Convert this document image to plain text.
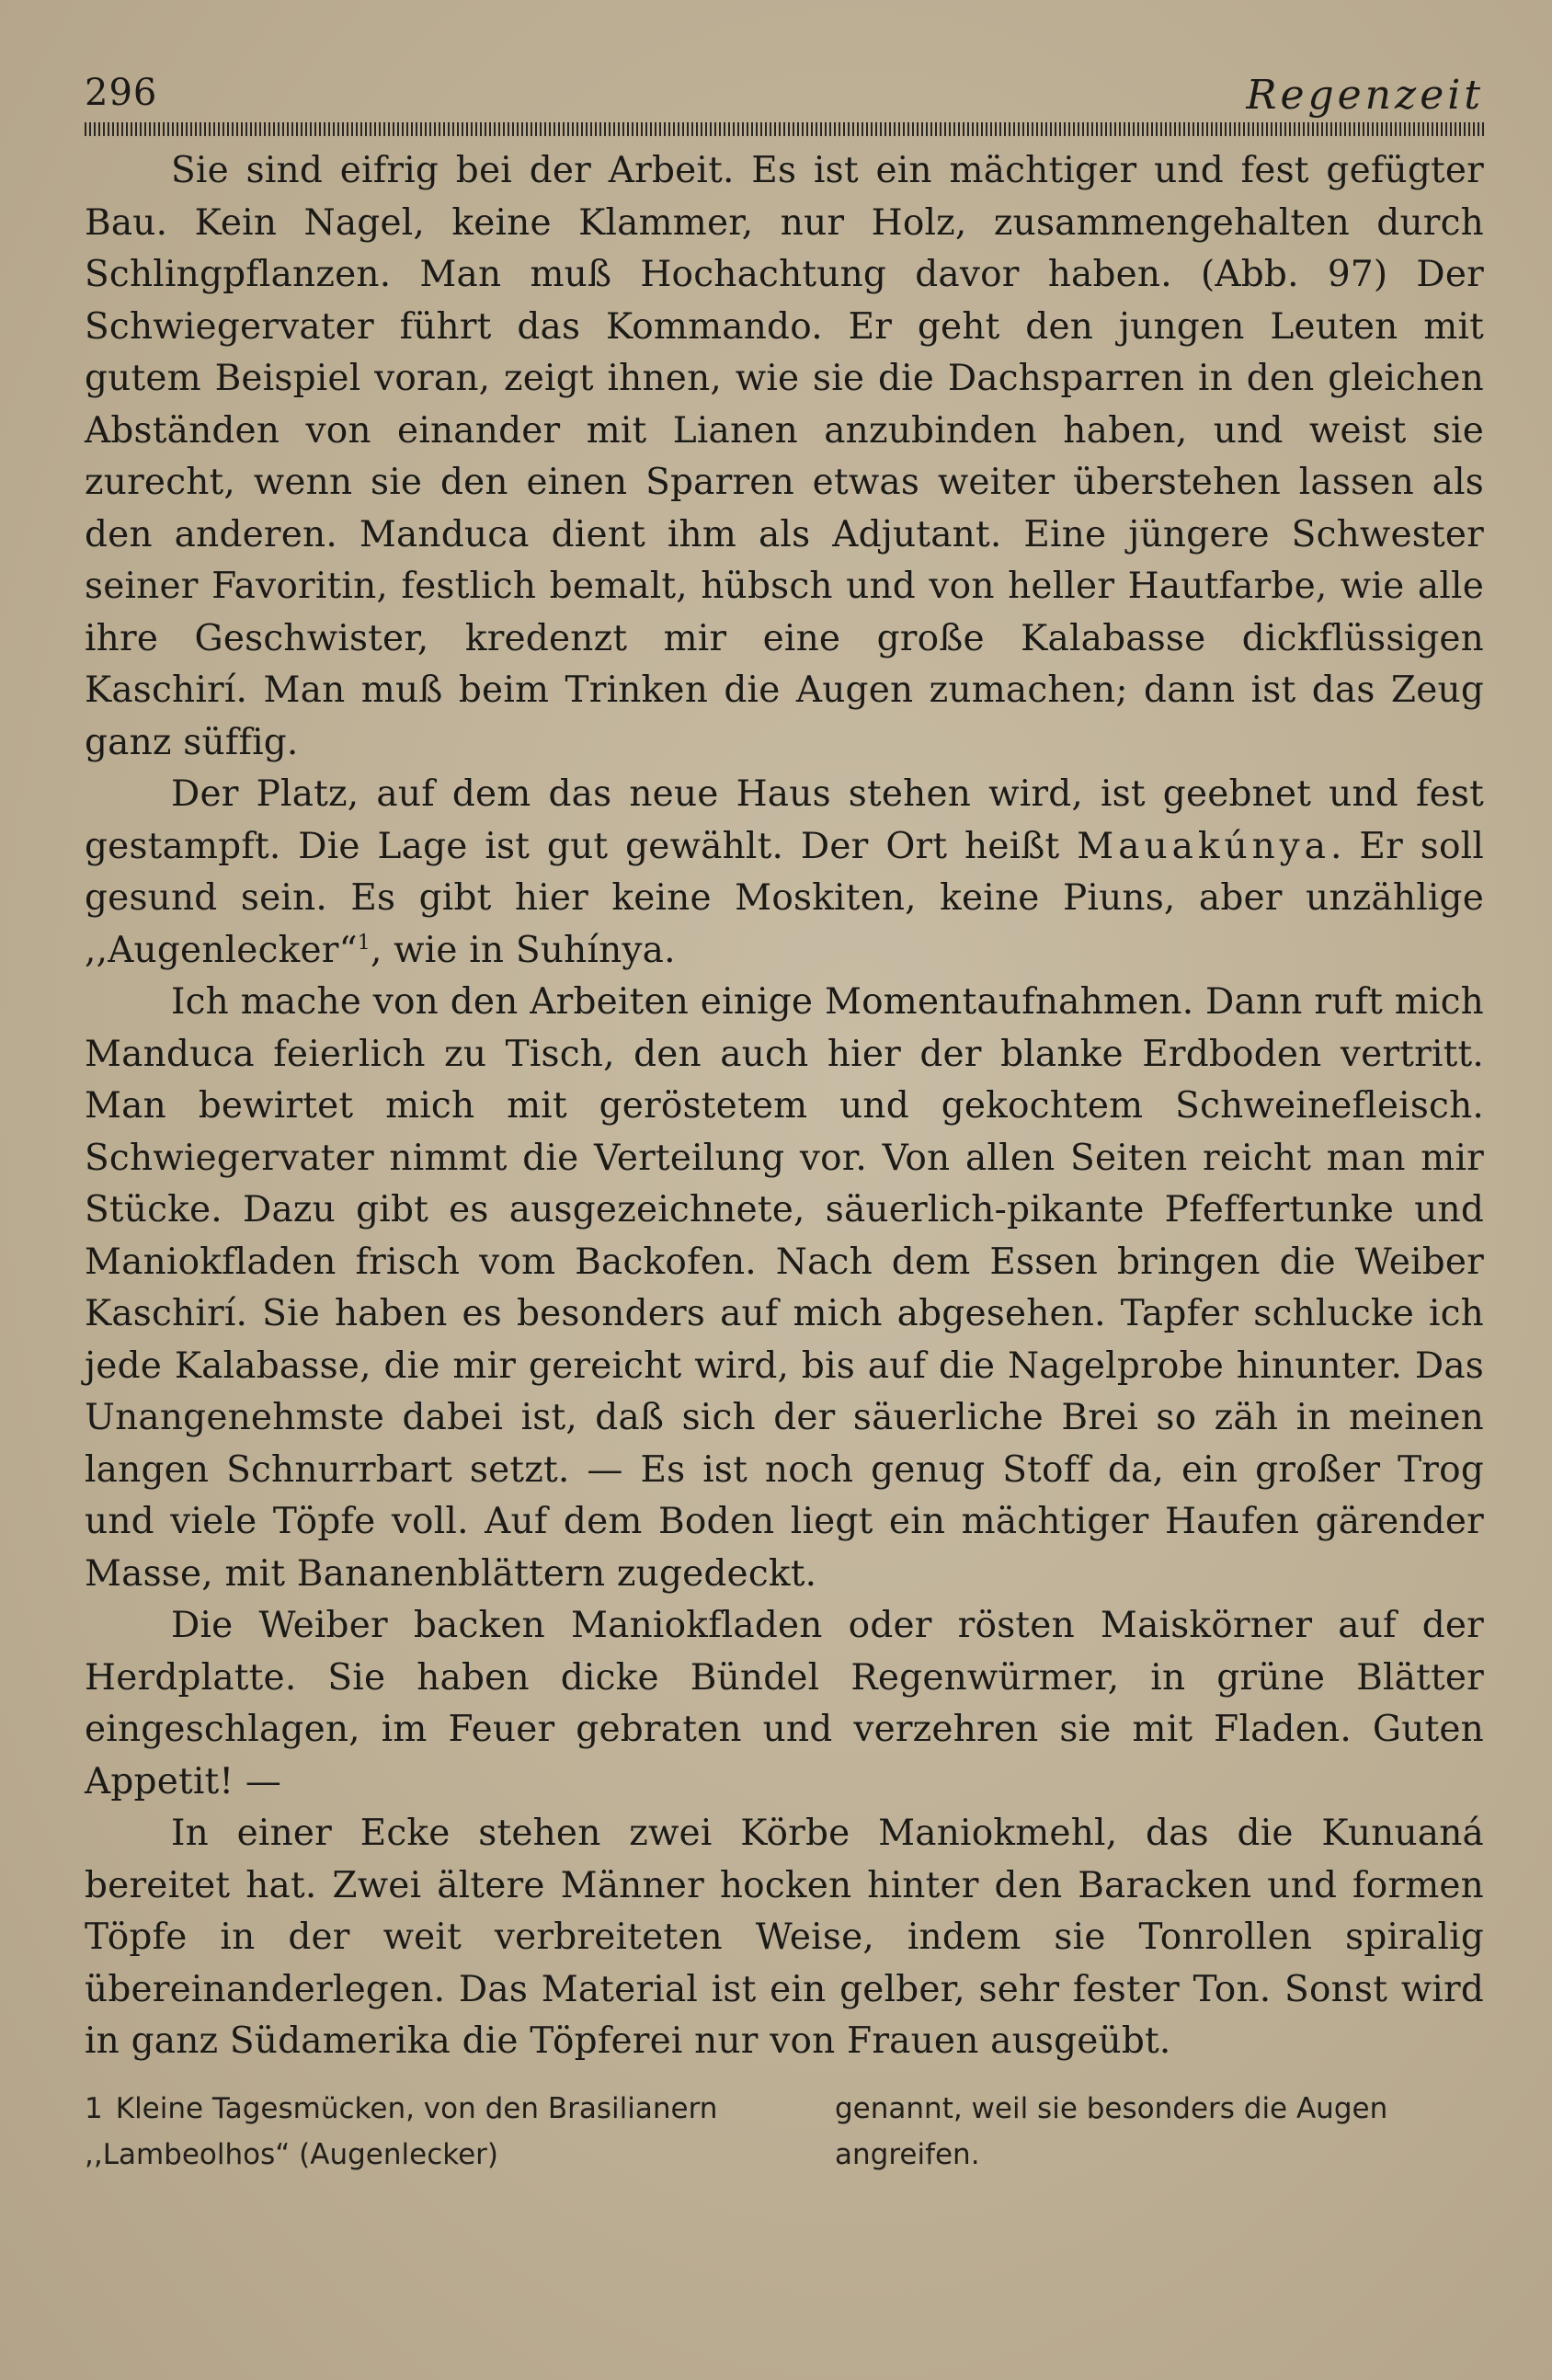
296	Regenzeit

Sie sind eifrig bei der Arbeit. Es ist ein mächtiger und fest gefügter Bau. Kein Nagel, keine Klammer, nur Holz, zusammengehalten durch Schlingpflanzen. Man muß Hochachtung davor haben. (Abb. 97) Der Schwiegervater führt das Kommando. Er geht den jungen Leuten mit gutem Beispiel voran, zeigt ihnen, wie sie die Dachsparren in den gleichen Abständen von einander mit Lianen anzubinden haben, und weist sie zurecht, wenn sie den einen Sparren etwas weiter überstehen lassen als den anderen. Manduca dient ihm als Adjutant. Eine jüngere Schwester seiner Favoritin, festlich bemalt, hübsch und von heller Hautfarbe, wie alle ihre Geschwister, kredenzt mir eine große Kalabasse dickflüssigen Kaschirí. Man muß beim Trinken die Augen zumachen; dann ist das Zeug ganz süffig.

Der Platz, auf dem das neue Haus stehen wird, ist geebnet und fest gestampft. Die Lage ist gut gewählt. Der Ort heißt Mauakúnya. Er soll gesund sein. Es gibt hier keine Moskiten, keine Piuns, aber unzählige ,,Augenlecker“$^1$, wie in Suhínya.

Ich mache von den Arbeiten einige Momentaufnahmen. Dann ruft mich Manduca feierlich zu Tisch, den auch hier der blanke Erdboden vertritt. Man bewirtet mich mit geröstetem und gekochtem Schweinefleisch. Schwiegervater nimmt die Verteilung vor. Von allen Seiten reicht man mir Stücke. Dazu gibt es ausgezeichnete, säuerlich-pikante Pfeffertunke und Maniokfladen frisch vom Backofen. Nach dem Essen bringen die Weiber Kaschirí. Sie haben es besonders auf mich abgesehen. Tapfer schlucke ich jede Kalabasse, die mir gereicht wird, bis auf die Nagelprobe hinunter. Das Unangenehmste dabei ist, daß sich der säuerliche Brei so zäh in meinen langen Schnurrbart setzt. — Es ist noch genug Stoff da, ein großer Trog und viele Töpfe voll. Auf dem Boden liegt ein mächtiger Haufen gärender Masse, mit Bananenblättern zugedeckt.

Die Weiber backen Maniokfladen oder rösten Maiskörner auf der Herdplatte. Sie haben dicke Bündel Regenwürmer, in grüne Blätter eingeschlagen, im Feuer gebraten und verzehren sie mit Fladen. Guten Appetit! —

In einer Ecke stehen zwei Körbe Maniokmehl, das die Kunuaná bereitet hat. Zwei ältere Männer hocken hinter den Baracken und formen Töpfe in der weit verbreiteten Weise, indem sie Tonrollen spiralig übereinanderlegen. Das Material ist ein gelber, sehr fester Ton. Sonst wird in ganz Südamerika die Töpferei nur von Frauen ausgeübt.

1 Kleine Tagesmücken, von den Brasilianern ,,Lambeolhos“ (Augenlecker)
genannt, weil sie besonders die Augen angreifen.
